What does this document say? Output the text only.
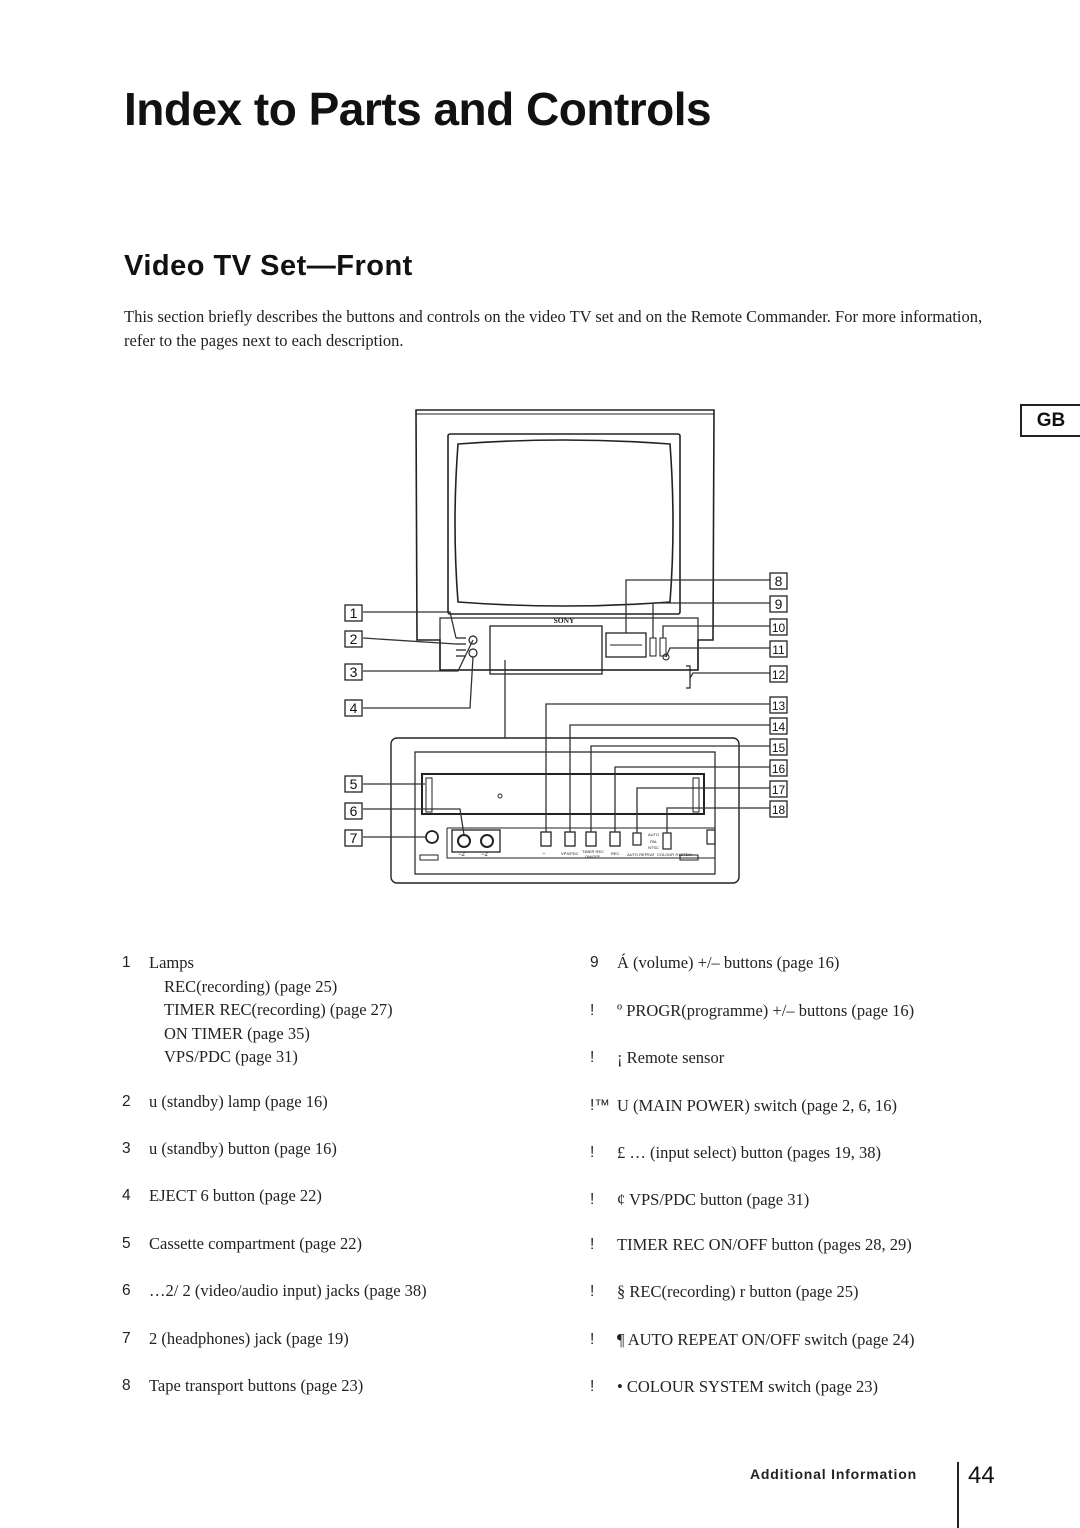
Index to Parts and Controls
Video TV Set—Front

This section briefly describes the buttons and controls on the video TV set and on the Remote Commander. For more information, refer to the pages next to each description.

GB
SONY
−2	−2	−	VPS/PDC TIMER REC
ON/OFF
REC AUTO REPEAT COLOUR SYSTEM
AUTO
PAL
NTSC
1
2
3
4
5
6
7
8
9
10
11
12
13
14
15
16
17
18
1	Lamps
REC(recording) (page 25)
TIMER REC(recording) (page 27)
ON TIMER (page 35)
VPS/PDC (page 31)
2	u (standby) lamp (page 16)
3	u (standby) button (page 16)
4	EJECT 6 button (page 22)
5	Cassette compartment (page 22)
6	…2/ 2 (video/audio input) jacks (page 38)
7	2 (headphones) jack (page 19)
8	Tape transport buttons (page 23)
9	Á (volume) +/– buttons (page 16)
!	º PROGR(programme) +/– buttons (page 16)
!	¡ Remote sensor
!™ U (MAIN POWER) switch (page 2, 6, 16)
!	£ … (input select) button (pages 19, 38)
!	¢ VPS/PDC button (page 31)
!	TIMER REC ON/OFF button (pages 28, 29)
!	§ REC(recording) r button (page 25)
!	¶ AUTO REPEAT ON/OFF switch (page 24)
!	• COLOUR SYSTEM switch (page 23)
Additional Information 44
